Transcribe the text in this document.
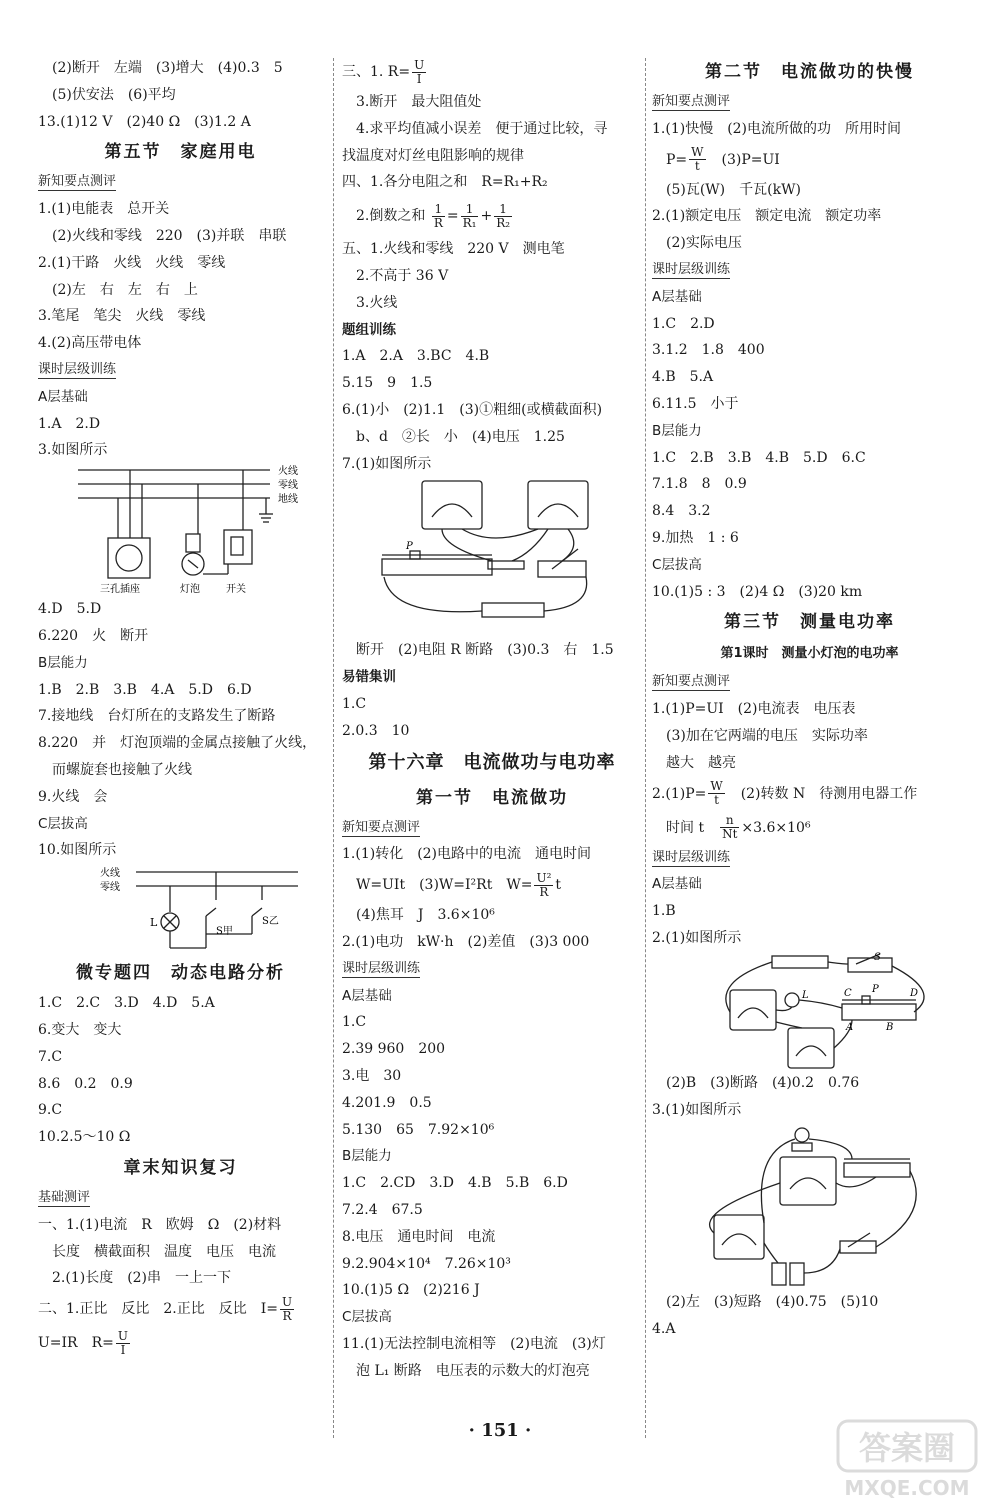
(2)断开　左端　(3)增大　(4)0.3　5
(5)伏安法　(6)平均
13.(1)12 V　(2)40 Ω　(3)1.2 A
第五节　家庭用电
新知要点测评
1.(1)电能表　总开关
(2)火线和零线　220　(3)并联　串联
2.(1)干路　火线　火线　零线
(2)左　右　左　右　上
3.笔尾　笔尖　火线　零线
4.(2)高压带电体
课时层级训练
A层基础
1.A　2.D
3.如图所示
火线
零线
地线
三孔插座	灯泡	开关
4.D　5.D
6.220　火　断开
B层能力
1.B　2.B　3.B　4.A　5.D　6.D
7.接地线　台灯所在的支路发生了断路
8.220　并　灯泡顶端的金属点接触了火线，
而螺旋套也接触了火线
9.火线　会
C层拔高
10.如图所示
火线
零线
L
S甲
S乙
微专题四　动态电路分析
1.C　2.C　3.D　4.D　5.A
6.变大　变大
7.C
8.6　0.2　0.9
9.C
10.2.5～10 Ω
章末知识复习
基础测评
一、1.(1)电流　R　欧姆　Ω　(2)材料
长度　横截面积　温度　电压　电流
2.(1)长度　(2)串　一上一下
二、1.正比　反比　2.正比　反比　$I= \frac{U}{R}$
U=IR　$R= \frac{U}{I}$
三、1. $R= \frac{U}{I}$
3.断开　最大阻值处
4.求平均值减小误差　便于通过比较，寻
找温度对灯丝电阻影响的规律
四、1.各分电阻之和　R=R₁+R₂
2.倒数之和 $\frac{1}{R} = \frac{1}{\text{R₁}} + \frac{1}{\text{R₂}}$
五、1.火线和零线　220 V　测电笔
2.不高于 36 V
3.火线
题组训练
1.A　2.A　3.BC　4.B
5.15　9　1.5
6.(1)小　(2)1.1　(3)①粗细(或横截面积)
b、d　②长　小　(4)电压　1.25
7.(1)如图所示
P
断开　(2)电阻 R 断路　(3)0.3　右　1.5
易错集训
1.C
2.0.3　10
第十六章　电流做功与电功率
第一节　电流做功
新知要点测评
1.(1)转化　(2)电路中的电流　通电时间
W=UIt　(3)W=I²Rt　$W= \frac{\text{U²}}{R}$ t
(4)焦耳　J　3.6×10⁶
2.(1)电功　kW·h　(2)差值　(3)3 000
课时层级训练
A层基础
1.C
2.39 960　200
3.电　30
4.201.9　0.5
5.130　65　7.92×10⁶
B层能力
1.C　2.CD　3.D　4.B　5.B　6.D
7.2.4　67.5
8.电压　通电时间　电流
9.2.904×10⁴　7.26×10³
10.(1)5 Ω　(2)216 J
C层拔高
11.(1)无法控制电流相等　(2)电流　(3)灯
泡 L₁ 断路　电压表的示数大的灯泡亮
第二节　电流做功的快慢
新知要点测评
1.(1)快慢　(2)电流所做的功　所用时间
$P= \frac{W}{t}$
　 (3)P=UI
(5)瓦(W)　千瓦(kW)
2.(1)额定电压　额定电流　额定功率
(2)实际电压
课时层级训练
A层基础
1.C　2.D
3.1.2　1.8　400
4.B　5.A
6.11.5　小于
B层能力
1.C　2.B　3.B　4.B　5.D　6.C
7.1.8　8　0.9
8.4　3.2
9.加热　1 : 6
C层拔高
10.(1)5 : 3　(2)4 Ω　(3)20 km
第三节　测量电功率
第1课时　测量小灯泡的电功率
新知要点测评
1.(1)P=UI　(2)电流表　电压表
(3)加在它两端的电压　实际功率
越大　越亮
$2.(1)P= \frac{W}{t}$
　 (2)转数 N　待测用电器工作
时间 t　 $\frac{n}{Nt} \times 3.6\times 10^6$
课时层级训练
A层基础
1.B
2.(1)如图所示
S
L	C P	D
A	B
(2)B　(3)断路　(4)0.2　0.76
3.(1)如图所示
(2)左　(3)短路　(4)0.75　(5)10
4.A
· 151 ·	答案圈
MXQE.COM
